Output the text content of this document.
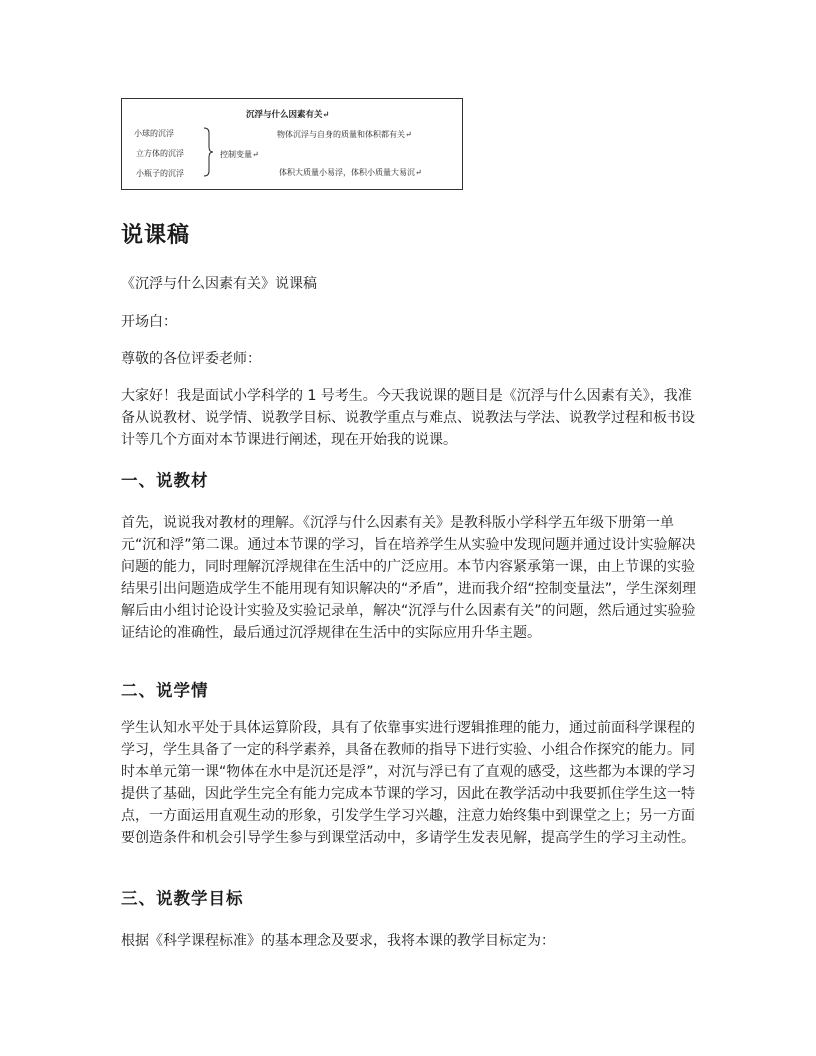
沉浮与什么因素有关↵
小球的沉浮
立方体的沉浮
小瓶子的沉浮
控制变量↵
物体沉浮与自身的质量和体积都有关↵
体积大质量小易浮，体积小质量大易沉↵
说课稿

《沉浮与什么因素有关》说课稿

开场白：

尊敬的各位评委老师：

大家好！我是面试小学科学的 1 号考生。今天我说课的题目是《沉浮与什么因素有关》，我准备从说教材、说学情、说教学目标、说教学重点与难点、说教法与学法、说教学过程和板书设计等几个方面对本节课进行阐述，现在开始我的说课。

一、说教材

首先，说说我对教材的理解。《沉浮与什么因素有关》是教科版小学科学五年级下册第一单元“沉和浮”第二课。通过本节课的学习，旨在培养学生从实验中发现问题并通过设计实验解决问题的能力，同时理解沉浮规律在生活中的广泛应用。本节内容紧承第一课，由上节课的实验结果引出问题造成学生不能用现有知识解决的“矛盾”，进而我介绍“控制变量法”，学生深刻理解后由小组讨论设计实验及实验记录单，解决“沉浮与什么因素有关”的问题，然后通过实验验证结论的准确性，最后通过沉浮规律在生活中的实际应用升华主题。

二、说学情

学生认知水平处于具体运算阶段，具有了依靠事实进行逻辑推理的能力，通过前面科学课程的学习，学生具备了一定的科学素养，具备在教师的指导下进行实验、小组合作探究的能力。同时本单元第一课“物体在水中是沉还是浮”，对沉与浮已有了直观的感受，这些都为本课的学习提供了基础，因此学生完全有能力完成本节课的学习，因此在教学活动中我要抓住学生这一特点，一方面运用直观生动的形象，引发学生学习兴趣，注意力始终集中到课堂之上；另一方面要创造条件和机会引导学生参与到课堂活动中，多请学生发表见解，提高学生的学习主动性。

三、说教学目标

根据《科学课程标准》的基本理念及要求，我将本课的教学目标定为：
